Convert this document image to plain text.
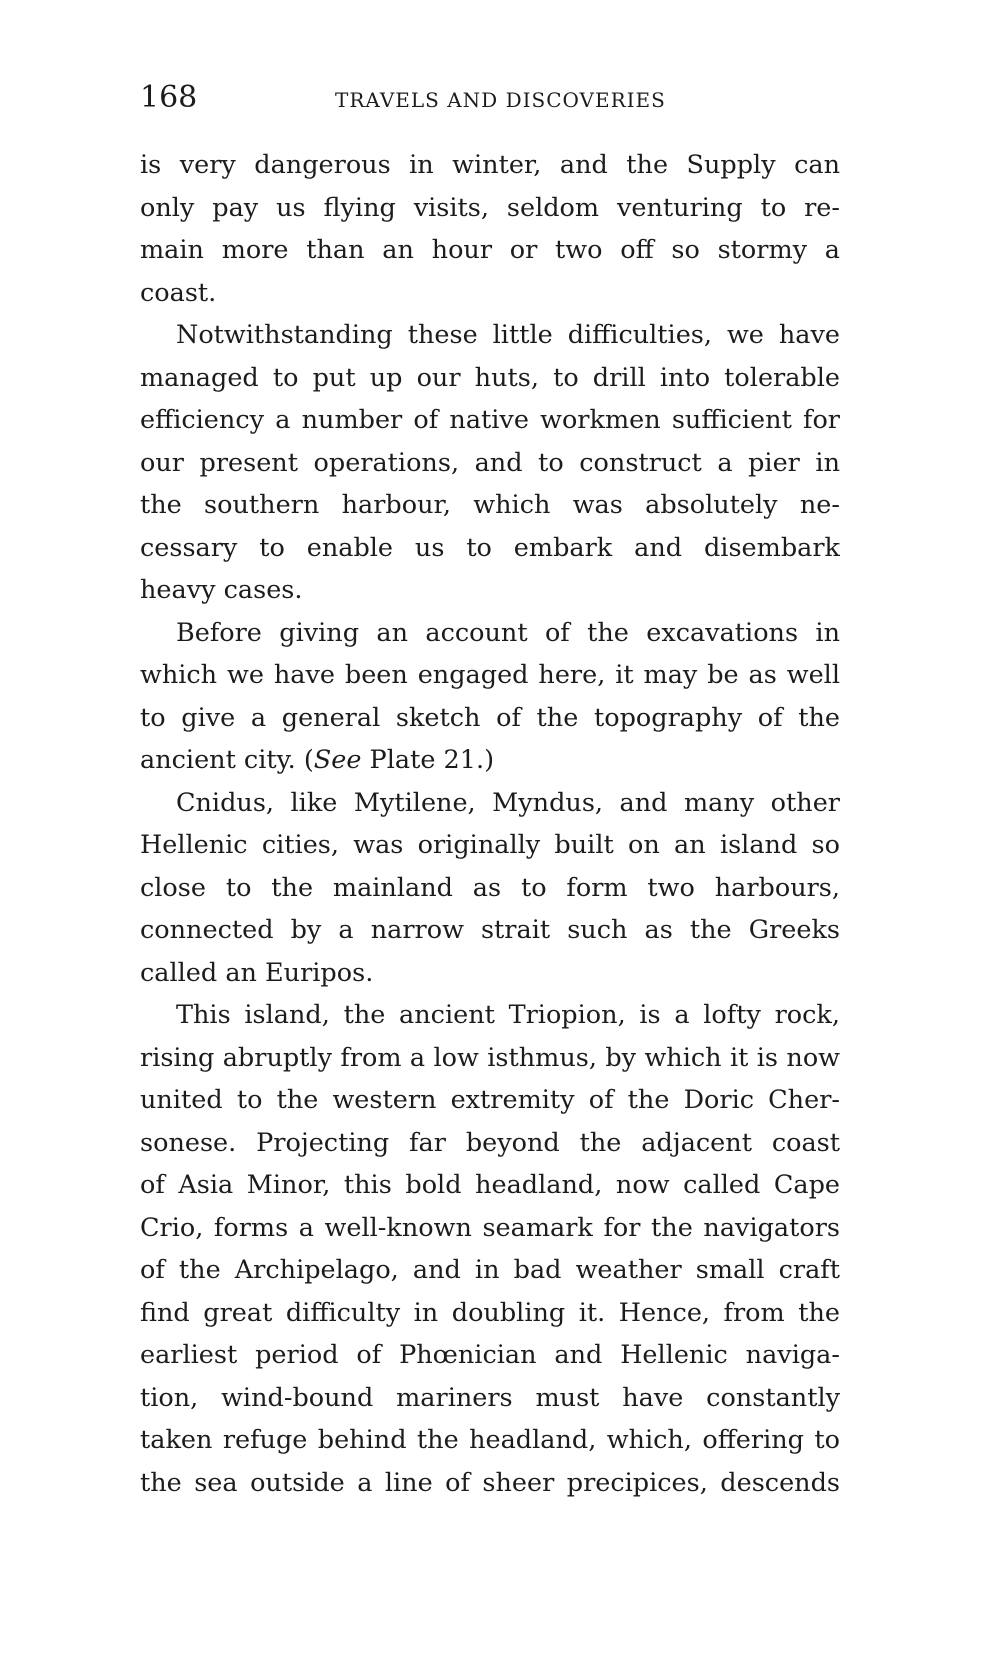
168	TRAVELS AND DISCOVERIES
is very dangerous in winter, and the Supply can
only pay us flying visits, seldom venturing to re-
main more than an hour or two off so stormy a
coast.
Notwithstanding these little difficulties, we have
managed to put up our huts, to drill into tolerable
efficiency a number of native workmen sufficient for
our present operations, and to construct a pier in
the southern harbour, which was absolutely ne-
cessary to enable us to embark and disembark
heavy cases.
Before giving an account of the excavations in
which we have been engaged here, it may be as well
to give a general sketch of the topography of the
ancient city. (See Plate 21.)
Cnidus, like Mytilene, Myndus, and many other
Hellenic cities, was originally built on an island so
close to the mainland as to form two harbours,
connected by a narrow strait such as the Greeks
called an Euripos.
This island, the ancient Triopion, is a lofty rock,
rising abruptly from a low isthmus, by which it is now
united to the western extremity of the Doric Cher-
sonese. Projecting far beyond the adjacent coast
of Asia Minor, this bold headland, now called Cape
Crio, forms a well-known seamark for the navigators
of the Archipelago, and in bad weather small craft
find great difficulty in doubling it. Hence, from the
earliest period of Phœnician and Hellenic naviga-
tion, wind-bound mariners must have constantly
taken refuge behind the headland, which, offering to
the sea outside a line of sheer precipices, descends
